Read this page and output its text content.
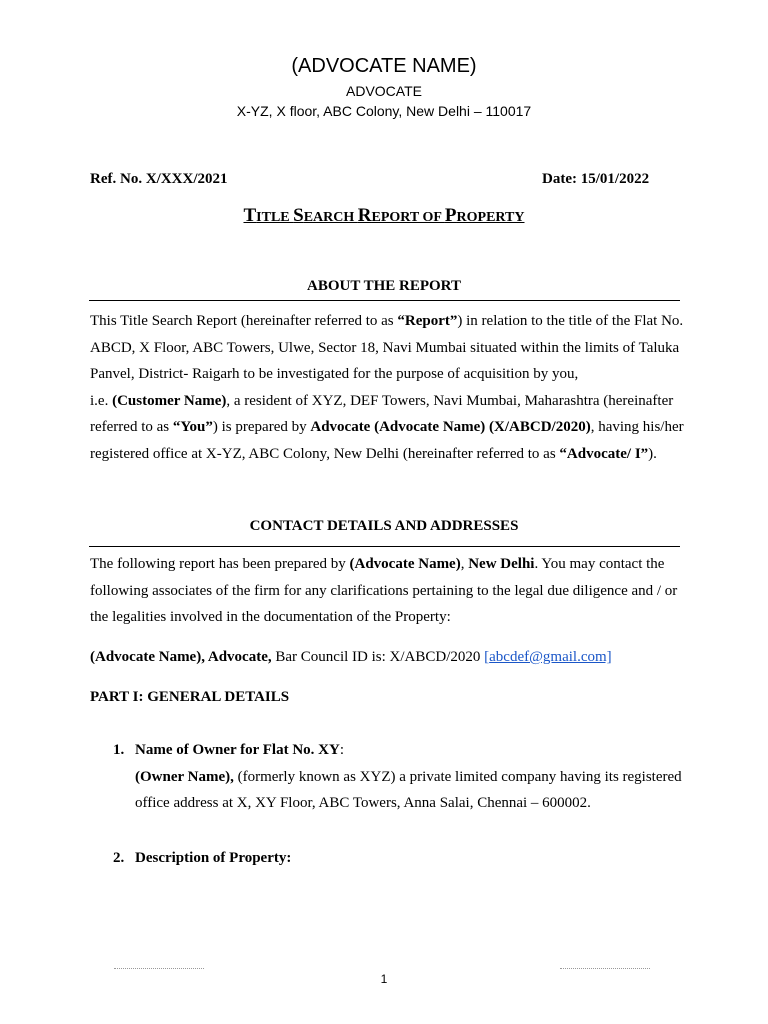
(ADVOCATE NAME)
ADVOCATE
X-YZ, X floor, ABC Colony, New Delhi – 110017
Ref. No. X/XXX/2021	Date: 15/01/2022
TITLE SEARCH REPORT OF PROPERTY
ABOUT THE REPORT
This Title Search Report (hereinafter referred to as “Report”) in relation to the title of the Flat No.
ABCD, X Floor, ABC Towers, Ulwe, Sector 18, Navi Mumbai situated within the limits of Taluka
Panvel, District- Raigarh to be investigated for the purpose of acquisition by you,
i.e. (Customer Name), a resident of XYZ, DEF Towers, Navi Mumbai, Maharashtra (hereinafter
referred to as “You”) is prepared by Advocate (Advocate Name) (X/ABCD/2020), having his/her
registered office at X-YZ, ABC Colony, New Delhi (hereinafter referred to as “Advocate/ I”).
CONTACT DETAILS AND ADDRESSES
The following report has been prepared by (Advocate Name), New Delhi. You may contact the
following associates of the firm for any clarifications pertaining to the legal due diligence and / or
the legalities involved in the documentation of the Property:
(Advocate Name), Advocate, Bar Council ID is: X/ABCD/2020 [abcdef@gmail.com]
PART I: GENERAL DETAILS
1. Name of Owner for Flat No. XY:
(Owner Name), (formerly known as XYZ) a private limited company having its registered
office address at X, XY Floor, ABC Towers, Anna Salai, Chennai – 600002.
2. Description of Property:
1
